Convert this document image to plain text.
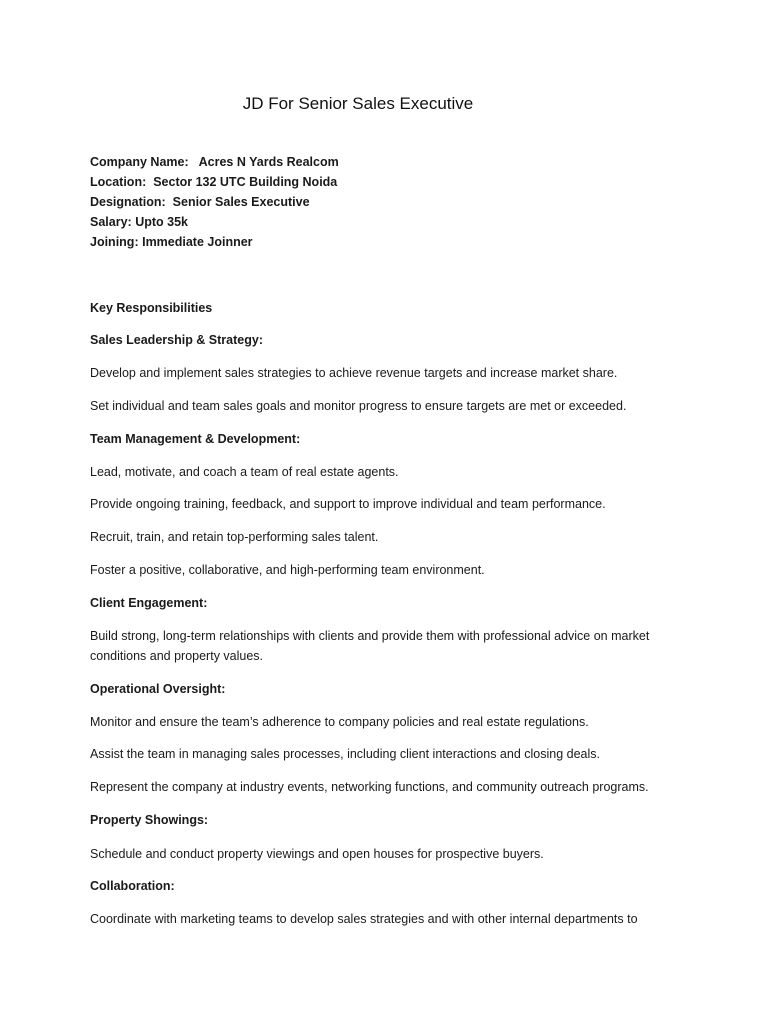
JD For Senior Sales Executive
Company Name: Acres N Yards Realcom
Location: Sector 132 UTC Building Noida
Designation: Senior Sales Executive
Salary: Upto 35k
Joining: Immediate Joinner
Key Responsibilities
Sales Leadership & Strategy:
Develop and implement sales strategies to achieve revenue targets and increase market share.
Set individual and team sales goals and monitor progress to ensure targets are met or exceeded.
Team Management & Development:
Lead, motivate, and coach a team of real estate agents.
Provide ongoing training, feedback, and support to improve individual and team performance.
Recruit, train, and retain top-performing sales talent.
Foster a positive, collaborative, and high-performing team environment.
Client Engagement:
Build strong, long-term relationships with clients and provide them with professional advice on market conditions and property values.
Operational Oversight:
Monitor and ensure the team’s adherence to company policies and real estate regulations.
Assist the team in managing sales processes, including client interactions and closing deals.
Represent the company at industry events, networking functions, and community outreach programs.
Property Showings:
Schedule and conduct property viewings and open houses for prospective buyers.
Collaboration:
Coordinate with marketing teams to develop sales strategies and with other internal departments to
